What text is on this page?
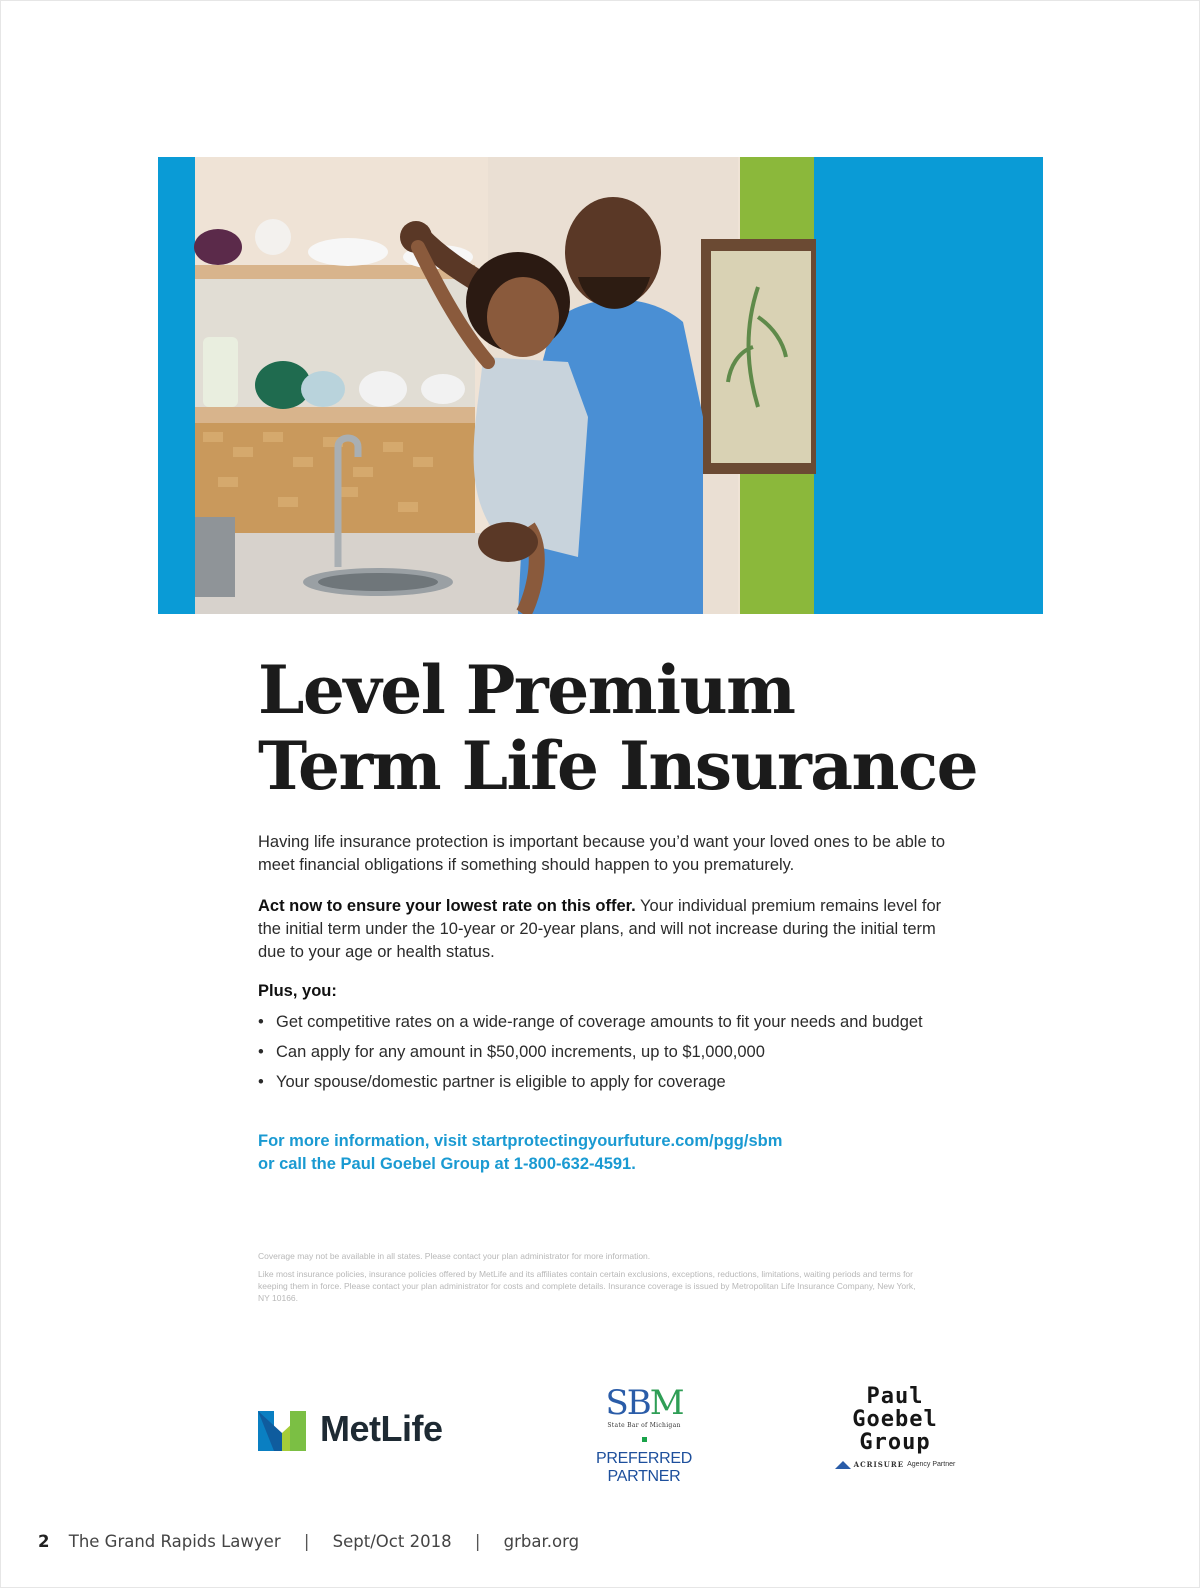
Level Premium
Term Life Insurance
Having life insurance protection is important because you’d want your loved ones to be able to meet financial obligations if something should happen to you prematurely.
Act now to ensure your lowest rate on this offer. Your individual premium remains level for the initial term under the 10-year or 20-year plans, and will not increase during the initial term due to your age or health status.
Plus, you:
• Get competitive rates on a wide-range of coverage amounts to fit your needs and budget
• Can apply for any amount in $50,000 increments, up to $1,000,000
• Your spouse/domestic partner is eligible to apply for coverage
For more information, visit startprotectingyourfuture.com/pgg/sbm
or call the Paul Goebel Group at 1-800-632-4591.
Coverage may not be available in all states. Please contact your plan administrator for more information.
Like most insurance policies, insurance policies offered by MetLife and its affiliates contain certain exclusions, exceptions, reductions, limitations, waiting periods and terms for keeping them in force. Please contact your plan administrator for costs and complete details. Insurance coverage is issued by Metropolitan Life Insurance Company, New York, NY 10166.
MetLife
SBM
State Bar of Michigan
PREFERRED PARTNER
Paul
Goebel
Group
ACRISURE Agency Partner
2 The Grand Rapids Lawyer | Sept/Oct 2018 | grbar.org
